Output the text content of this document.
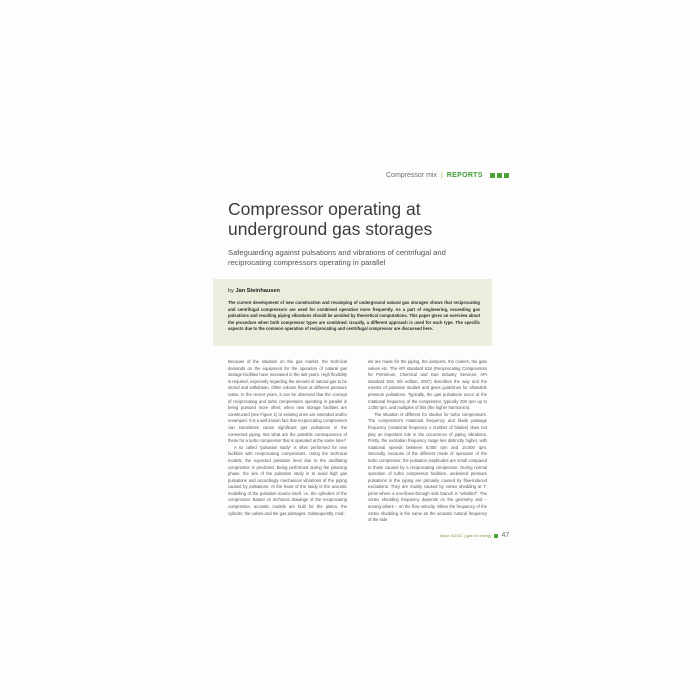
Compressor mix | REPORTS
Compressor operating at
underground gas storages

Safeguarding against pulsations and vibrations of centrifugal and reciprocating compressors operating in parallel

by Jan Steinhausen

The current development of new construction and revamping of underground natural gas storages shows that reciprocating and centrifugal compressors are used for combined operation more frequently. As a part of engineering, exceeding gas pulsations and resulting piping vibrations should be avoided by theoretical computations. This paper gives an overview about the procedure when both compressor types are combined. Usually, a different approach is used for each type. The specific aspects due to the common operation of reciprocating and centrifugal compressor are discussed here.

Because of the situation on the gas market, the technical demands on the equipment for the operation of natural gas storage facilities have increased in the last years. High flexibility is required, especially regarding the amount of natural gas to be stored and withdrawn. Often volume flows at different pressure ratios. In the recent years, it can be observed that the concept of reciprocating and turbo compressors operating in parallel is being pursued more often; when new storage facilities are constructed (see Figure 1) or existing ones are extended and/or revamped. It is a well known fact that reciprocating compressors can sometimes cause significant gas pulsations in the connected piping. But what are the possible consequences of these for a turbo compressor that is operated at the same time?

A so called "pulsation study" is often performed for new facilities with reciprocating compressors. Using the technical models, the expected pulsation level due to the oscillating compressor is predicted. Being performed during the planning phase, the aim of the pulsation study is to avoid high gas pulsations and accordingly mechanical vibrations of the piping caused by pulsations. At the heart of the study is the acoustic modelling of the pulsation source itself, i.e. the cylinders of the compressor. Based on technical drawings of the reciprocating compressor, acoustic models are built for the piston, the cylinder, the valves and the gas passages. Subsequently, mod-

els are made for the piping, the dampers, the coolers, the gate valves etc. The API standard 618 (Reciprocating Compressors for Petroleum, Chemical and Gas Industry Services, API standard 618, 5th edition, 2007) describes the way and the extents of pulsation studies and gives guidelines for allowable pressure pulsations. Typically, the gas pulsations occur at the rotational frequency of the compressor, typically 200 rpm up to 1,000 rpm, and multiples of this (the higher harmonics).

The situation is different for studies for turbo compressors. The compressor's rotational frequency and blade passage frequency (rotational frequency x number of blades) does not play an important role in the occurrence of piping vibrations. Firstly, the excitation frequency range lies distinctly higher, with rotational speeds between 6,000 rpm and 15,000 rpm. Secondly, because of the different mode of operation of the turbo compressor, the pulsation amplitudes are small compared to those caused by a reciprocating compressor. During normal operation of turbo compressor facilities, undesired pressure pulsations in the piping are primarily caused by flow-induced excitations. They are mainly caused by vortex shedding at T-joints where a non-flown-through side branch is "whistled". The vortex shedding frequency depends on the geometry and – among others – on the flow velocity. When the frequency of the vortex shedding is the same as the acoustic natural frequency of the side

Issue 4/2011 | gas for energy 47
